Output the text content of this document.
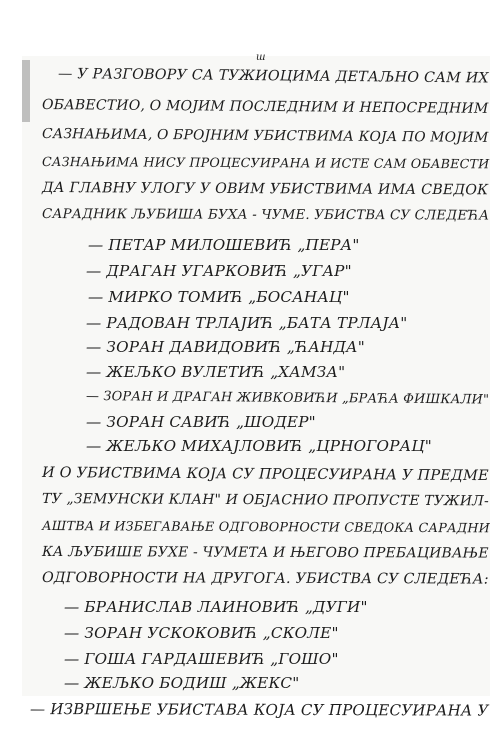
ш
— У РАЗГОВОРУ СА ТУЖИОЦИМА ДЕТАЉНО САМ ИХ
ОБАВЕСТИО, О МОЈИМ ПОСЛЕДНИМ И НЕПОСРЕДНИМ
САЗНАЊИМА, О БРОЈНИМ УБИСТВИМА КОЈА ПО МОЈИМ
САЗНАЊИМА НИСУ ПРОЦЕСУИРАНА И ИСТЕ САМ ОБАВЕСТИ
ДА ГЛАВНУ УЛОГУ У ОВИМ УБИСТВИМА ИМА СВЕДОК
САРАДНИК ЉУБИША БУХА - ЧУМЕ. УБИСТВА СУ СЛЕДЕЋА
— ПЕТАР МИЛОШЕВИЋ „ПЕРА"
— ДРАГАН УГАРКОВИЋ „УГАР"
— МИРКО ТОМИЋ „БОСАНАЦ"
— РАДОВАН ТРЛАЈИЋ „БАТА ТРЛАЈА"
— ЗОРАН ДАВИДОВИЋ „ЋАНДА"
— ЖЕЉКО ВУЛЕТИЋ „ХАМЗА"
— ЗОРАН И ДРАГАН ЖИВКОВИЋИ „БРАЋА ФИШКАЛИ"
— ЗОРАН САВИЋ „ШОДЕР"
— ЖЕЉКО МИХАЈЛОВИЋ „ЦРНОГОРАЦ"
И О УБИСТВИМА КОЈА СУ ПРОЦЕСУИРАНА У ПРЕДМЕ
ТУ „ЗЕМУНСКИ КЛАН" И ОБЈАСНИО ПРОПУСТЕ ТУЖИЛ-
АШТВА И ИЗБЕГАВАЊЕ ОДГОВОРНОСТИ СВЕДОКА САРАДНИ
КА ЉУБИШЕ БУХЕ - ЧУМЕТА И ЊЕГОВО ПРЕБАЦИВАЊЕ
ОДГОВОРНОСТИ НА ДРУГОГА. УБИСТВА СУ СЛЕДЕЋА:
— БРАНИСЛАВ ЛАИНОВИЋ „ДУГИ"
— ЗОРАН УСКОКОВИЋ „СКОЛЕ"
— ГОША ГАРДАШЕВИЋ „ГОШО"
— ЖЕЉКО БОДИШ „ЖЕКС"
— ИЗВРШЕЊЕ УБИСТАВА КОЈА СУ ПРОЦЕСУИРАНА У
